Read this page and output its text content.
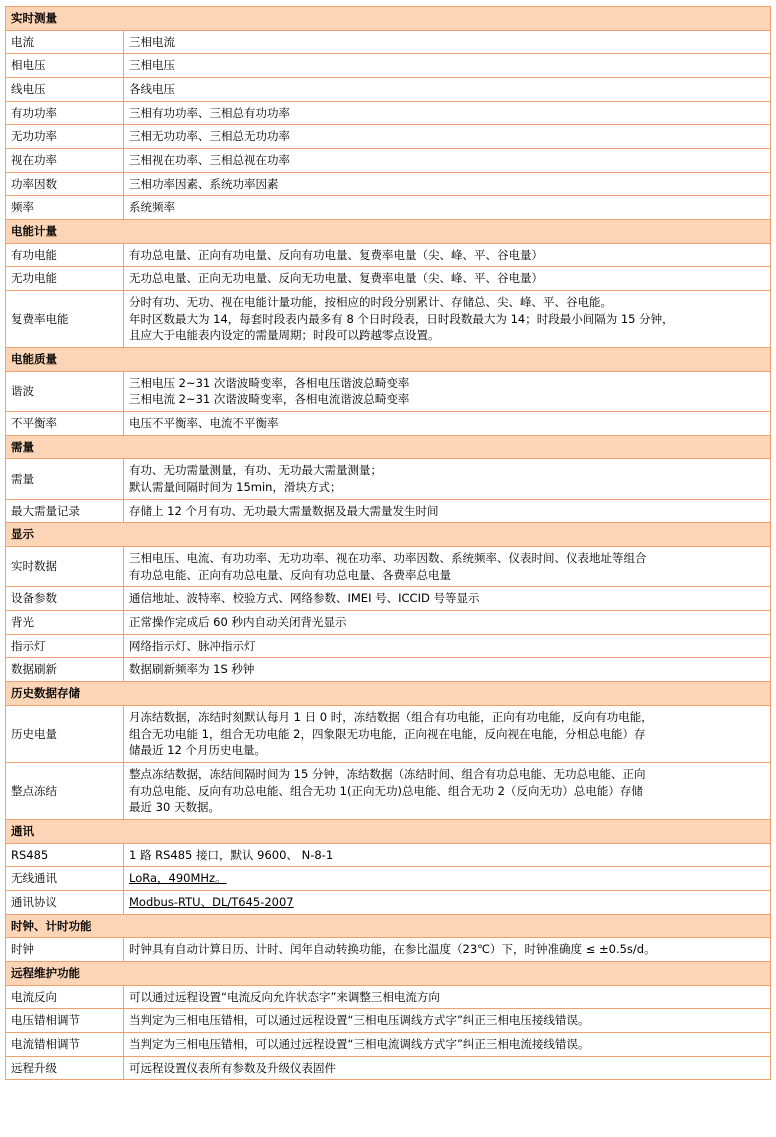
实时测量	
电流	三相电流

相电压	三相电压

线电压	各线电压

有功功率	三相有功功率、三相总有功功率

无功功率	三相无功功率、三相总无功功率

视在功率	三相视在功率、三相总视在功率

功率因数	三相功率因素、系统功率因素

频率	系统频率

电能计量	
有功电能	有功总电量、正向有功电量、反向有功电量、复费率电量（尖、峰、平、谷电量）

无功电能	无功总电量、正向无功电量、反向无功电量、复费率电量（尖、峰、平、谷电量）

复费率电能	分时有功、无功、视在电能计量功能，按相应的时段分别累计、存储总、尖、峰、平、谷电能。
年时区数最大为 14，每套时段表内最多有 8 个日时段表，日时段数最大为 14；时段最小间隔为 15 分钟，
且应大于电能表内设定的需量周期；时段可以跨越零点设置。

电能质量	
谐波	三相电压 2~31 次谐波畸变率，各相电压谐波总畸变率
三相电流 2~31 次谐波畸变率，各相电流谐波总畸变率

不平衡率	电压不平衡率、电流不平衡率

需量	
需量	有功、无功需量测量，有功、无功最大需量测量；
默认需量间隔时间为 15min，滑块方式；

最大需量记录	存储上 12 个月有功、无功最大需量数据及最大需量发生时间

显示	
实时数据	三相电压、电流、有功功率、无功功率、视在功率、功率因数、系统频率、仪表时间、仪表地址等组合
有功总电能、正向有功总电量、反向有功总电量、各费率总电量

设备参数	通信地址、波特率、校验方式、网络参数、IMEI 号、ICCID 号等显示

背光	正常操作完成后 60 秒内自动关闭背光显示

指示灯	网络指示灯、脉冲指示灯

数据刷新	数据刷新频率为 1S 秒钟

历史数据存储	
历史电量	月冻结数据，冻结时刻默认每月 1 日 0 时，冻结数据（组合有功电能，正向有功电能，反向有功电能，
组合无功电能 1，组合无功电能 2，四象限无功电能，正向视在电能，反向视在电能，分相总电能）存
储最近 12 个月历史电量。

整点冻结	整点冻结数据，冻结间隔时间为 15 分钟，冻结数据（冻结时间、组合有功总电能、无功总电能、正向
有功总电能、反向有功总电能、组合无功 1(正向无功)总电能、组合无功 2（反向无功）总电能）存储
最近 30 天数据。

通讯	
RS485	1 路 RS485 接口，默认 9600、 N-8-1

无线通讯	LoRa，490MHz。

通讯协议	Modbus-RTU、DL/T645-2007

时钟、计时功能	
时钟	时钟具有自动计算日历、计时、闰年自动转换功能，在参比温度（23℃）下，时钟准确度 ≤ ±0.5s/d。

远程维护功能	
电流反向	可以通过远程设置“电流反向允许状态字”来调整三相电流方向

电压错相调节	当判定为三相电压错相，可以通过远程设置“三相电压调线方式字”纠正三相电压接线错误。

电流错相调节	当判定为三相电压错相，可以通过远程设置“三相电流调线方式字”纠正三相电流接线错误。

远程升级	可远程设置仪表所有参数及升级仪表固件
